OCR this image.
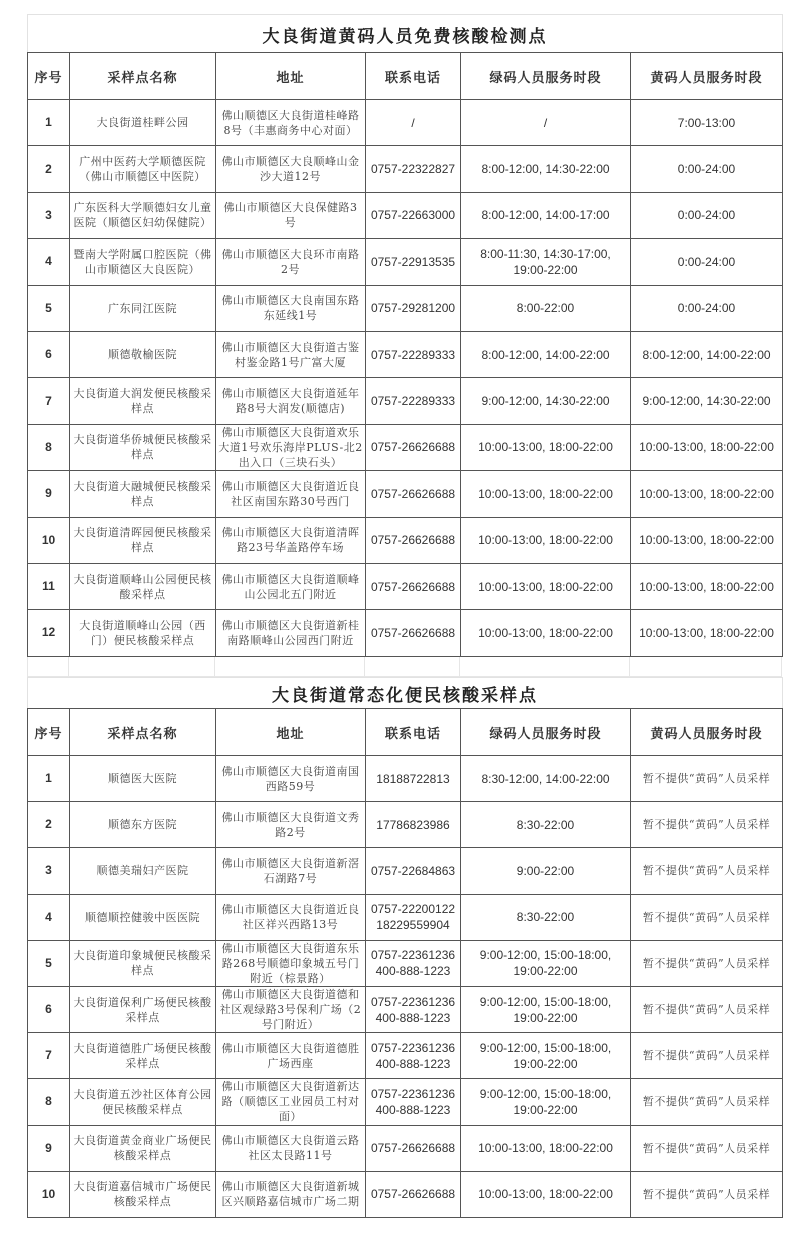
大良街道黄码人员免费核酸检测点
序号	采样点名称	地址	联系电话	绿码人员服务时段	黄码人员服务时段
1	大良街道桂畔公园	佛山顺德区大良街道桂峰路8号（丰惠商务中心对面）	/	/	7:00-13:00
2	广州中医药大学顺德医院（佛山市顺德区中医院）	佛山市顺德区大良顺峰山金沙大道12号	0757-22322827	8:00-12:00, 14:30-22:00	0:00-24:00
3	广东医科大学顺德妇女儿童医院（顺德区妇幼保健院）	佛山市顺德区大良保健路3号	0757-22663000	8:00-12:00, 14:00-17:00	0:00-24:00
4	暨南大学附属口腔医院（佛山市顺德区大良医院）	佛山市顺德区大良环市南路2号	0757-22913535	8:00-11:30, 14:30-17:00, 19:00-22:00	0:00-24:00
5	广东同江医院	佛山市顺德区大良南国东路东延线1号	0757-29281200	8:00-22:00	0:00-24:00
6	顺德敬榆医院	佛山市顺德区大良街道古鉴村鉴金路1号广富大厦	0757-22289333	8:00-12:00, 14:00-22:00	8:00-12:00, 14:00-22:00
7	大良街道大润发便民核酸采样点	佛山市顺德区大良街道延年路8号大润发(顺德店)	0757-22289333	9:00-12:00, 14:30-22:00	9:00-12:00, 14:30-22:00
8	大良街道华侨城便民核酸采样点	佛山市顺德区大良街道欢乐大道1号欢乐海岸PLUS-北2出入口（三块石头）	0757-26626688	10:00-13:00, 18:00-22:00	10:00-13:00, 18:00-22:00
9	大良街道大融城便民核酸采样点	佛山市顺德区大良街道近良社区南国东路30号西门	0757-26626688	10:00-13:00, 18:00-22:00	10:00-13:00, 18:00-22:00
10	大良街道清晖园便民核酸采样点	佛山市顺德区大良街道清晖路23号华盖路停车场	0757-26626688	10:00-13:00, 18:00-22:00	10:00-13:00, 18:00-22:00
11	大良街道顺峰山公园便民核酸采样点	佛山市顺德区大良街道顺峰山公园北五门附近	0757-26626688	10:00-13:00, 18:00-22:00	10:00-13:00, 18:00-22:00
12	大良街道顺峰山公园（西门）便民核酸采样点	佛山市顺德区大良街道新桂南路顺峰山公园西门附近	0757-26626688	10:00-13:00, 18:00-22:00	10:00-13:00, 18:00-22:00
大良街道常态化便民核酸采样点
序号	采样点名称	地址	联系电话	绿码人员服务时段	黄码人员服务时段
1	顺德医大医院	佛山市顺德区大良街道南国西路59号	18188722813	8:30-12:00, 14:00-22:00	暂不提供“黄码”人员采样
2	顺德东方医院	佛山市顺德区大良街道文秀路2号	17786823986	8:30-22:00	暂不提供“黄码”人员采样
3	顺德美瑞妇产医院	佛山市顺德区大良街道新滘石湖路7号	0757-22684863	9:00-22:00	暂不提供“黄码”人员采样
4	顺德顺控健骏中医医院	佛山市顺德区大良街道近良社区祥兴西路13号	0757-22200122 18229559904	8:30-22:00	暂不提供“黄码”人员采样
5	大良街道印象城便民核酸采样点	佛山市顺德区大良街道东乐路268号顺德印象城五号门附近（棕景路）	0757-22361236 400-888-1223	9:00-12:00, 15:00-18:00, 19:00-22:00	暂不提供“黄码”人员采样
6	大良街道保利广场便民核酸采样点	佛山市顺德区大良街道德和社区观绿路3号保利广场（2号门附近）	0757-22361236 400-888-1223	9:00-12:00, 15:00-18:00, 19:00-22:00	暂不提供“黄码”人员采样
7	大良街道德胜广场便民核酸采样点	佛山市顺德区大良街道德胜广场西座	0757-22361236 400-888-1223	9:00-12:00, 15:00-18:00, 19:00-22:00	暂不提供“黄码”人员采样
8	大良街道五沙社区体育公园便民核酸采样点	佛山市顺德区大良街道新达路（顺德区工业园员工村对面）	0757-22361236 400-888-1223	9:00-12:00, 15:00-18:00, 19:00-22:00	暂不提供“黄码”人员采样
9	大良街道黄金商业广场便民核酸采样点	佛山市顺德区大良街道云路社区太艮路11号	0757-26626688	10:00-13:00, 18:00-22:00	暂不提供“黄码”人员采样
10	大良街道嘉信城市广场便民核酸采样点	佛山市顺德区大良街道新城区兴顺路嘉信城市广场二期	0757-26626688	10:00-13:00, 18:00-22:00	暂不提供“黄码”人员采样
